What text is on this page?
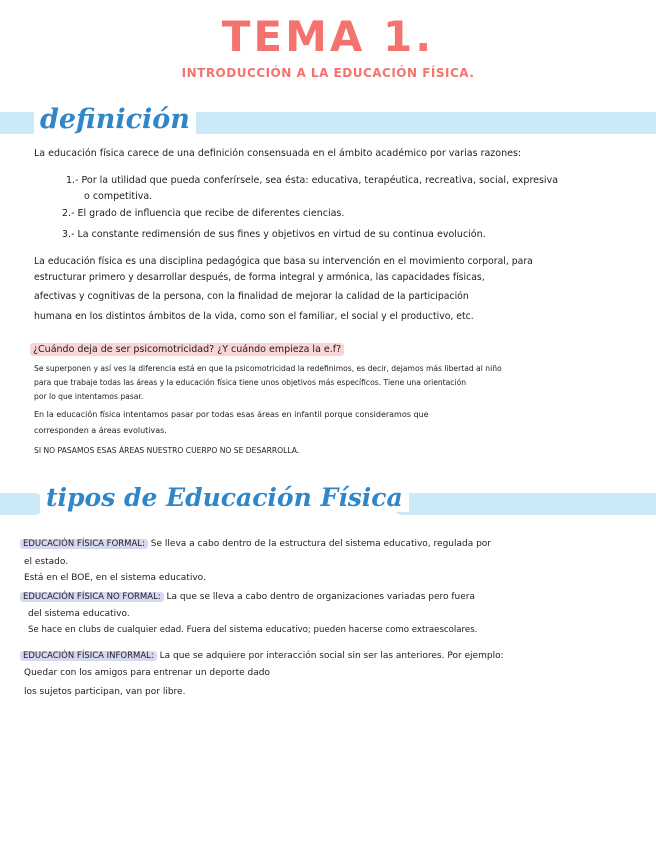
TEMA 1.
INTRODUCCIÓN A LA EDUCACIÓN FÍSICA.
definición
La educación física carece de una definición consensuada en el ámbito académico por varias razones:
1.- Por la utilidad que pueda conferírsele, sea ésta: educativa, terapéutica, recreativa, social, expresiva
o competitiva.
2.- El grado de influencia que recibe de diferentes ciencias.
3.- La constante redimensión de sus fines y objetivos en virtud de su continua evolución.
La educación física es una disciplina pedagógica que basa su intervención en el movimiento corporal, para
estructurar primero y desarrollar después, de forma integral y armónica, las capacidades físicas,
afectivas y cognitivas de la persona, con la finalidad de mejorar la calidad de la participación
humana en los distintos ámbitos de la vida, como son el familiar, el social y el productivo, etc.
¿Cuándo deja de ser psicomotricidad? ¿Y cuándo empieza la e.f?
Se superponen y así ves la diferencia está en que la psicomotricidad la redefinimos, es decir, dejamos más libertad al niño
para que trabaje todas las áreas y la educación física tiene unos objetivos más específicos. Tiene una orientación
por lo que intentamos pasar.
En la educación física intentamos pasar por todas esas áreas en infantil porque consideramos que
corresponden a áreas evolutivas.
SI NO PASAMOS ESAS ÁREAS NUESTRO CUERPO NO SE DESARROLLA.
tipos de Educación Física
EDUCACIÓN FÍSICA FORMAL: Se lleva a cabo dentro de la estructura del sistema educativo, regulada por
el estado.
Está en el BOE, en el sistema educativo.
EDUCACIÓN FÍSICA NO FORMAL: La que se lleva a cabo dentro de organizaciones variadas pero fuera
del sistema educativo.
Se hace en clubs de cualquier edad. Fuera del sistema educativo; pueden hacerse como extraescolares.
EDUCACIÓN FÍSICA INFORMAL: La que se adquiere por interacción social sin ser las anteriores. Por ejemplo:
Quedar con los amigos para entrenar un deporte dado
los sujetos participan, van por libre.
